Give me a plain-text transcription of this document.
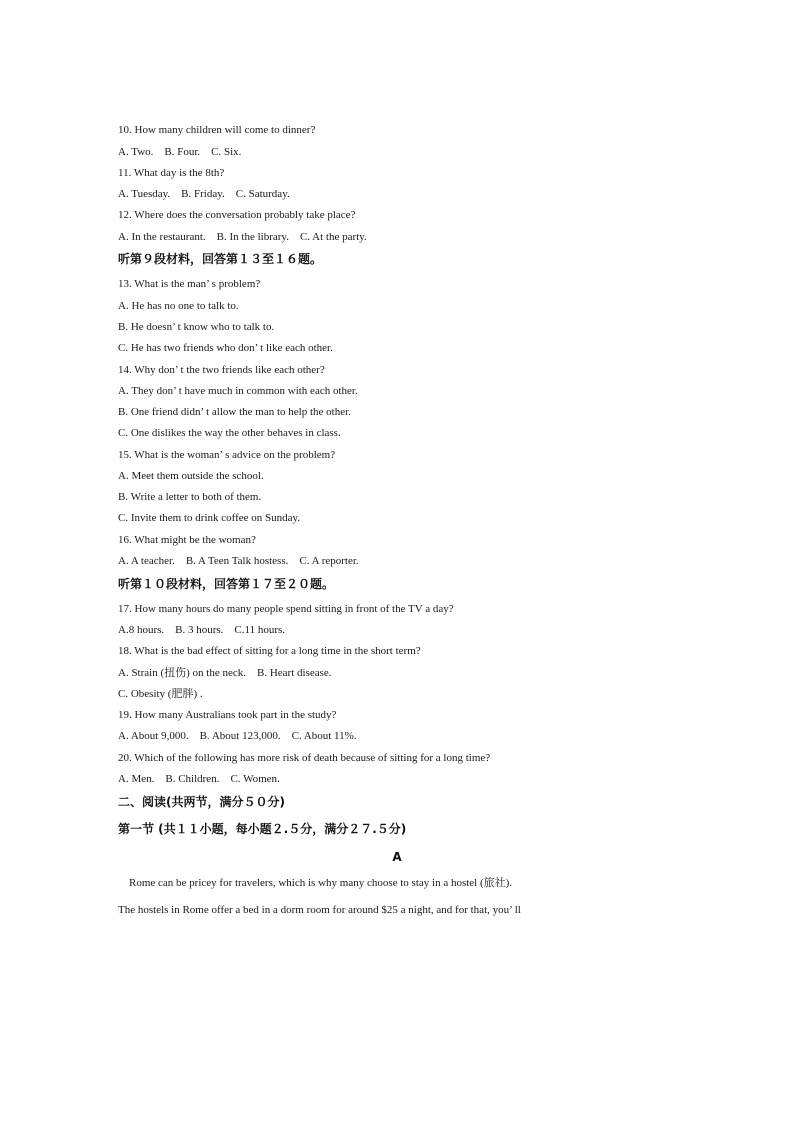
10. How many children will come to dinner?
A. Two.    B. Four.    C. Six.
11. What day is the 8th?
A. Tuesday.    B. Friday.    C. Saturday.
12. Where does the conversation probably take place?
A. In the restaurant.    B. In the library.    C. At the party.
听第９段材料，回答第１３至１６题。
13. What is the man’ s problem?
A. He has no one to talk to.
B. He doesn’ t know who to talk to.
C. He has two friends who don’ t like each other.
14. Why don’ t the two friends like each other?
A. They don’ t have much in common with each other.
B. One friend didn’ t allow the man to help the other.
C. One dislikes the way the other behaves in class.
15. What is the woman’ s advice on the problem?
A. Meet them outside the school.
B. Write a letter to both of them.
C. Invite them to drink coffee on Sunday.
16. What might be the woman?
A. A teacher.    B. A Teen Talk hostess.    C. A reporter.
听第１０段材料，回答第１７至２０题。
17. How many hours do many people spend sitting in front of the TV a day?
A.8 hours.    B. 3 hours.    C.11 hours.
18. What is the bad effect of sitting for a long time in the short term?
A. Strain (扭伤) on the neck.    B. Heart disease.
C. Obesity (肥胖) .
19. How many Australians took part in the study?
A. About 9,000.    B. About 123,000.    C. About 11%.
20. Which of the following has more risk of death because of sitting for a long time?
A. Men.    B. Children.    C. Women.
二、阅读(共两节，满分５０分)
第一节 (共１１小题，每小题２.５分，满分２７.５分)
A
Rome can be pricey for travelers, which is why many choose to stay in a hostel (旅社).
The hostels in Rome offer a bed in a dorm room for around $25 a night, and for that, you’ ll
